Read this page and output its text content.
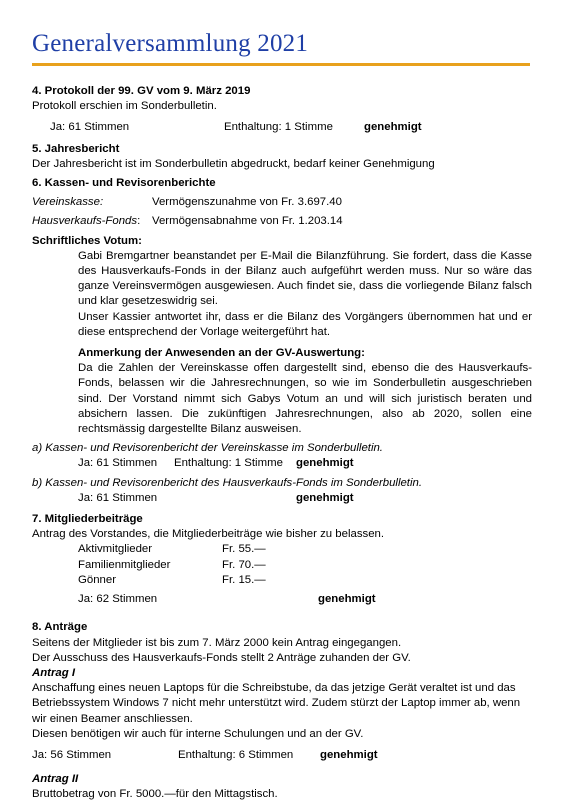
Generalversammlung 2021

4. Protokoll der 99. GV vom 9. März 2019

Protokoll erschien im Sonderbulletin.

Ja: 61 Stimmen	Enthaltung: 1 Stimme	genehmigt

5. Jahresbericht

Der Jahresbericht ist im Sonderbulletin abgedruckt, bedarf keiner Genehmigung

6. Kassen- und Revisorenberichte

Vereinskasse:	Vermögenszunahme von Fr. 3.697.40
Hausverkaufs-Fonds:	Vermögensabnahme von Fr. 1.203.14

Schriftliches Votum:

Gabi Bremgartner beanstandet per E-Mail die Bilanzführung. Sie fordert, dass die Kasse des Hausverkaufs-Fonds in der Bilanz auch aufgeführt werden muss. Nur so wäre das ganze Vereinsvermögen ausgewiesen. Auch findet sie, dass die vorliegende Bilanz falsch und klar gesetzeswidrig sei.

Unser Kassier antwortet ihr, dass er die Bilanz des Vorgängers übernommen hat und er diese entsprechend der Vorlage weitergeführt hat.

Anmerkung der Anwesenden an der GV-Auswertung:

Da die Zahlen der Vereinskasse offen dargestellt sind, ebenso die des Hausverkaufs-Fonds, belassen wir die Jahresrechnungen, so wie im Sonderbulletin ausgeschrieben sind. Der Vorstand nimmt sich Gabys Votum an und will sich juristisch beraten und absichern lassen. Die zukünftigen Jahresrechnungen, also ab 2020, sollen eine rechtsmässig dargestellte Bilanz ausweisen.

a) Kassen- und Revisorenbericht der Vereinskasse im Sonderbulletin.

Ja: 61 Stimmen	Enthaltung: 1 Stimme	genehmigt

b) Kassen- und Revisorenbericht des Hausverkaufs-Fonds im Sonderbulletin.

Ja: 61 Stimmen	genehmigt

7. Mitgliederbeiträge

Antrag des Vorstandes, die Mitgliederbeiträge wie bisher zu belassen.

Aktivmitglieder	Fr. 55.—
Familienmitglieder	Fr. 70.—
Gönner	Fr. 15.—
Ja: 62 Stimmen	genehmigt

8. Anträge

Seitens der Mitglieder ist bis zum 7. März 2000 kein Antrag eingegangen.

Der Ausschuss des Hausverkaufs-Fonds stellt 2 Anträge zuhanden der GV.

Antrag I

Anschaffung eines neuen Laptops für die Schreibstube, da das jetzige Gerät veraltet ist und das Betriebssystem Windows 7 nicht mehr unterstützt wird. Zudem stürzt der Laptop immer ab, wenn wir einen Beamer anschliessen.

Diesen benötigen wir auch für interne Schulungen und an der GV.

Ja: 56 Stimmen	Enthaltung: 6 Stimmen	genehmigt

Antrag II

Bruttobetrag von Fr. 5000.—für den Mittagstisch.
